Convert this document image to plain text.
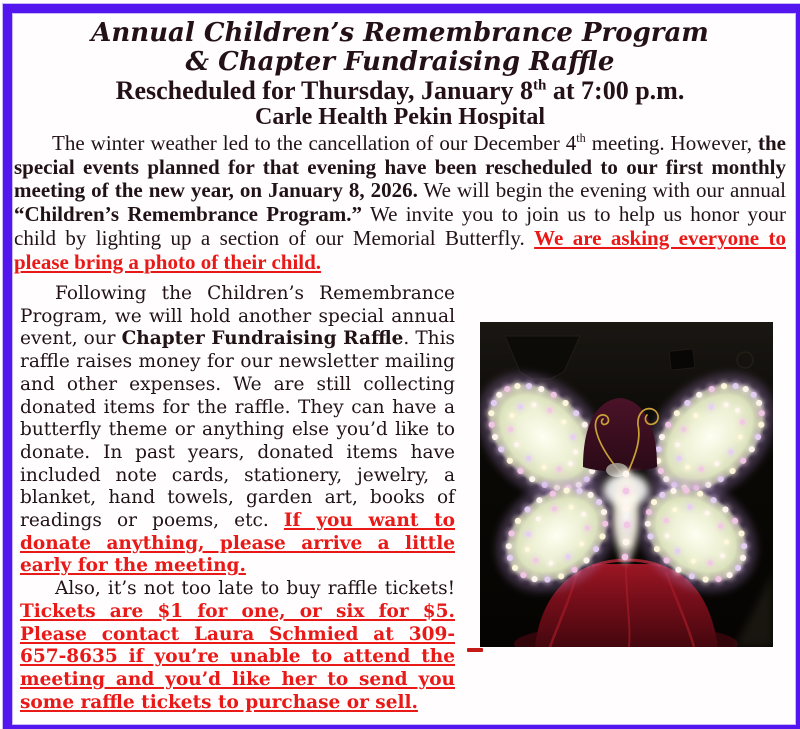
Annual Children’s Remembrance Program
& Chapter Fundraising Raffle
Rescheduled for Thursday, January 8th at 7:00 p.m.
Carle Health Pekin Hospital

The winter weather led to the cancellation of our December 4th meeting. However, the special events planned for that evening have been rescheduled to our first monthly meeting of the new year, on January 8, 2026. We will begin the evening with our annual “Children’s Remembrance Program.” We invite you to join us to help us honor your child by lighting up a section of our Memorial Butterfly. We are asking everyone to please bring a photo of their child.

Following the Children’s Remembrance Program, we will hold another special annual event, our Chapter Fundraising Raffle. This raffle raises money for our newsletter mailing and other expenses. We are still collecting donated items for the raffle. They can have a butterfly theme or anything else you’d like to donate. In past years, donated items have included note cards, stationery, jewelry, a blanket, hand towels, garden art, books of readings or poems, etc. If you want to donate anything, please arrive a little early for the meeting.

Also, it’s not too late to buy raffle tickets! Tickets are $1 for one, or six for $5. Please contact Laura Schmied at 309-657-8635 if you’re unable to attend the meeting and you’d like her to send you some raffle tickets to purchase or sell.
